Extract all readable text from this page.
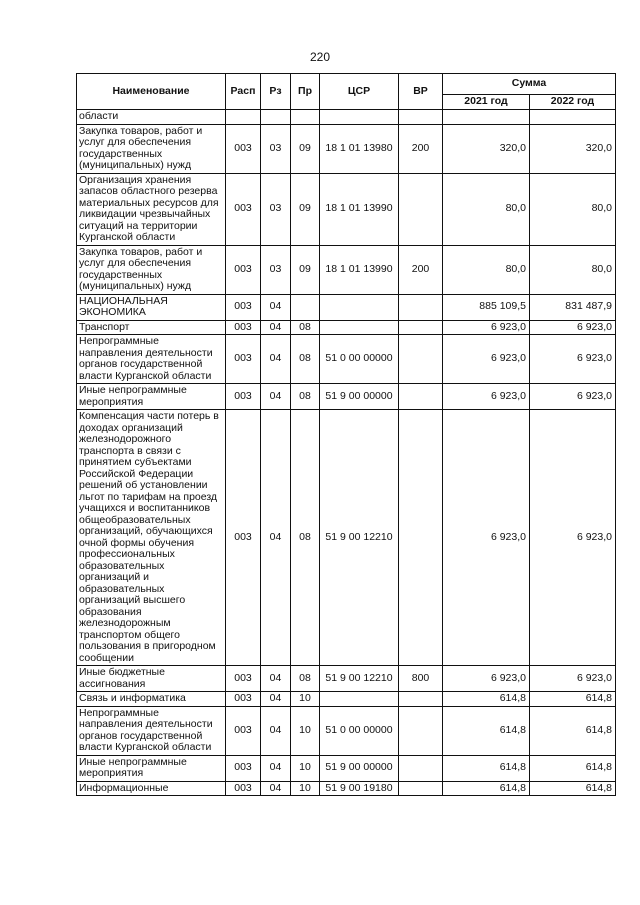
220
Наименование	Расп	Рз	Пр	ЦСР	ВР	Сумма	
						2021 год	2022 год
области							
Закупка товаров, работ и услуг для обеспечения государственных (муниципальных) нужд	003	03	09	18 1 01 13980	200	320,0	320,0
Организация хранения запасов областного резерва материальных ресурсов для ликвидации чрезвычайных ситуаций на территории Курганской области	003	03	09	18 1 01 13990		80,0	80,0
Закупка товаров, работ и услуг для обеспечения государственных (муниципальных) нужд	003	03	09	18 1 01 13990	200	80,0	80,0
НАЦИОНАЛЬНАЯ ЭКОНОМИКА	003	04				885 109,5	831 487,9
Транспорт	003	04	08			6 923,0	6 923,0
Непрограммные направления деятельности органов государственной власти Курганской области	003	04	08	51 0 00 00000		6 923,0	6 923,0
Иные непрограммные мероприятия	003	04	08	51 9 00 00000		6 923,0	6 923,0
Компенсация части потерь в доходах организаций железнодорожного транспорта в связи с принятием субъектами Российской Федерации решений об установлении льгот по тарифам на проезд учащихся и воспитанников общеобразовательных организаций, обучающихся очной формы обучения профессиональных образовательных организаций и образовательных организаций высшего образования железнодорожным транспортом общего пользования в пригородном сообщении	003	04	08	51 9 00 12210		6 923,0	6 923,0
Иные бюджетные ассигнования	003	04	08	51 9 00 12210	800	6 923,0	6 923,0
Связь и информатика	003	04	10			614,8	614,8
Непрограммные направления деятельности органов государственной власти Курганской области	003	04	10	51 0 00 00000		614,8	614,8
Иные непрограммные мероприятия	003	04	10	51 9 00 00000		614,8	614,8
Информационные	003	04	10	51 9 00 19180		614,8	614,8
